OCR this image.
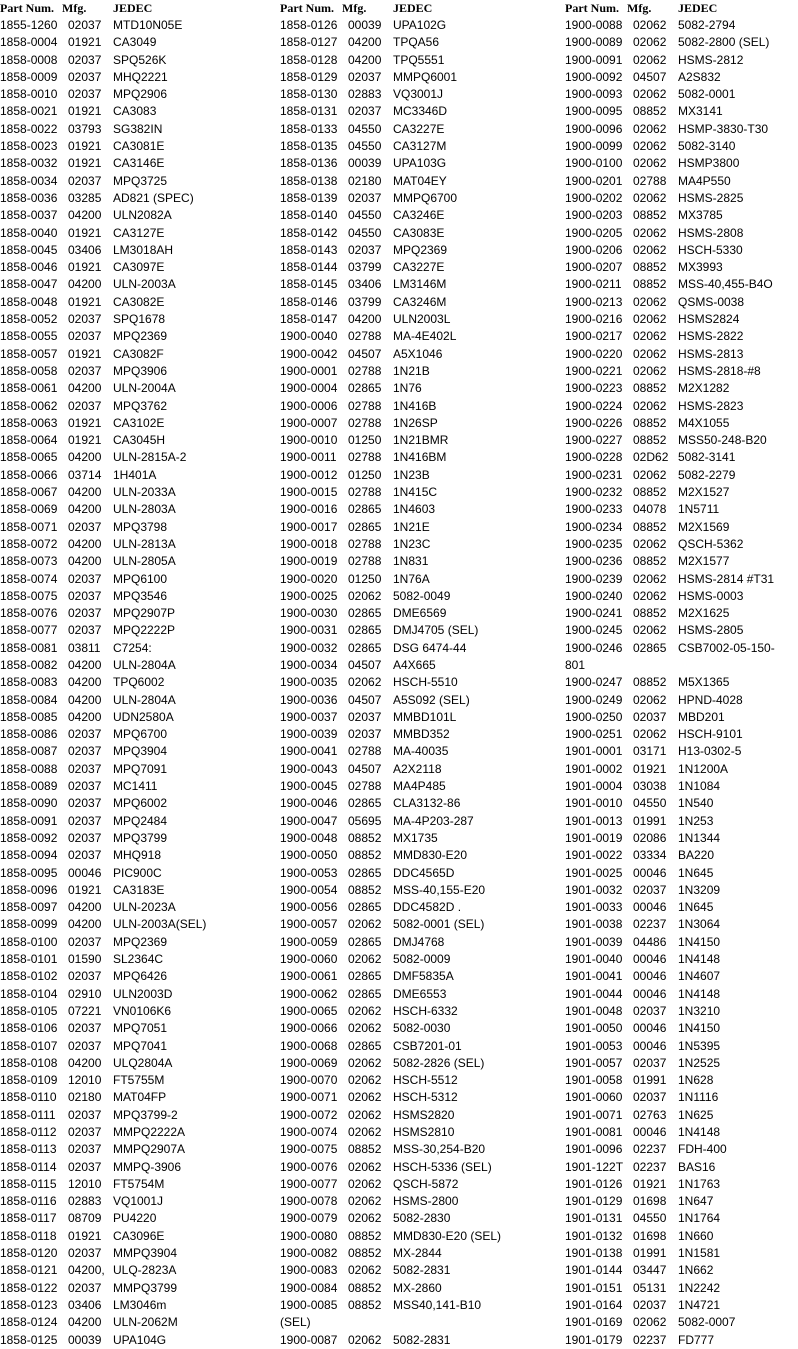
Part Num. Mfg. JEDEC
1855-1260 02037 MTD10N05E
1858-0004 01921 CA3049
1858-0008 02037 SPQ526K
1858-0009 02037 MHQ2221
1858-0010 02037 MPQ2906
1858-0021 01921 CA3083
1858-0022 03793 SG382IN
1858-0023 01921 CA3081E
1858-0032 01921 CA3146E
1858-0034 02037 MPQ3725
1858-0036 03285 AD821 (SPEC)
1858-0037 04200 ULN2082A
1858-0040 01921 CA3127E
1858-0045 03406 LM3018AH
1858-0046 01921 CA3097E
1858-0047 04200 ULN-2003A
1858-0048 01921 CA3082E
1858-0052 02037 SPQ1678
1858-0055 02037 MPQ2369
1858-0057 01921 CA3082F
1858-0058 02037 MPQ3906
1858-0061 04200 ULN-2004A
1858-0062 02037 MPQ3762
1858-0063 01921 CA3102E
1858-0064 01921 CA3045H
1858-0065 04200 ULN-2815A-2
1858-0066 03714 1H401A
1858-0067 04200 ULN-2033A
1858-0069 04200 ULN-2803A
1858-0071 02037 MPQ3798
1858-0072 04200 ULN-2813A
1858-0073 04200 ULN-2805A
1858-0074 02037 MPQ6100
1858-0075 02037 MPQ3546
1858-0076 02037 MPQ2907P
1858-0077 02037 MPQ2222P
1858-0081 03811 C7254:
1858-0082 04200 ULN-2804A
1858-0083 04200 TPQ6002
1858-0084 04200 ULN-2804A
1858-0085 04200 UDN2580A
1858-0086 02037 MPQ6700
1858-0087 02037 MPQ3904
1858-0088 02037 MPQ7091
1858-0089 02037 MC1411
1858-0090 02037 MPQ6002
1858-0091 02037 MPQ2484
1858-0092 02037 MPQ3799
1858-0094 02037 MHQ918
1858-0095 00046 PIC900C
1858-0096 01921 CA3183E
1858-0097 04200 ULN-2023A
1858-0099 04200 ULN-2003A(SEL)
1858-0100 02037 MPQ2369
1858-0101 01590 SL2364C
1858-0102 02037 MPQ6426
1858-0104 02910 ULN2003D
1858-0105 07221 VN0106K6
1858-0106 02037 MPQ7051
1858-0107 02037 MPQ7041
1858-0108 04200 ULQ2804A
1858-0109 12010 FT5755M
1858-0110 02180 MAT04FP
1858-0111 02037 MPQ3799-2
1858-0112 02037 MMPQ2222A
1858-0113 02037 MMPQ2907A
1858-0114 02037 MMPQ-3906
1858-0115 12010 FT5754M
1858-0116 02883 VQ1001J
1858-0117 08709 PU4220
1858-0118 01921 CA3096E
1858-0120 02037 MMPQ3904
1858-0121 04200, ULQ-2823A
1858-0122 02037 MMPQ3799
1858-0123 03406 LM3046m
1858-0124 04200 ULN-2062M
1858-0125 00039 UPA104G
Part Num. Mfg. JEDEC
1858-0126 00039 UPA102G
1858-0127 04200 TPQA56
1858-0128 04200 TPQ5551
1858-0129 02037 MMPQ6001
1858-0130 02883 VQ3001J
1858-0131 02037 MC3346D
1858-0133 04550 CA3227E
1858-0135 04550 CA3127M
1858-0136 00039 UPA103G
1858-0138 02180 MAT04EY
1858-0139 02037 MMPQ6700
1858-0140 04550 CA3246E
1858-0142 04550 CA3083E
1858-0143 02037 MPQ2369
1858-0144 03799 CA3227E
1858-0145 03406 LM3146M
1858-0146 03799 CA3246M
1858-0147 04200 ULN2003L
1900-0040 02788 MA-4E402L
1900-0042 04507 A5X1046
1900-0001 02788 1N21B
1900-0004 02865 1N76
1900-0006 02788 1N416B
1900-0007 02788 1N26SP
1900-0010 01250 1N21BMR
1900-0011 02788 1N416BM
1900-0012 01250 1N23B
1900-0015 02788 1N415C
1900-0016 02865 1N4603
1900-0017 02865 1N21E
1900-0018 02788 1N23C
1900-0019 02788 1N831
1900-0020 01250 1N76A
1900-0025 02062 5082-0049
1900-0030 02865 DME6569
1900-0031 02865 DMJ4705 (SEL)
1900-0032 02865 DSG 6474-44
1900-0034 04507 A4X665
1900-0035 02062 HSCH-5510
1900-0036 04507 A5S092 (SEL)
1900-0037 02037 MMBD101L
1900-0039 02037 MMBD352
1900-0041 02788 MA-40035
1900-0043 04507 A2X2118
1900-0045 02788 MA4P485
1900-0046 02865 CLA3132-86
1900-0047 05695 MA-4P203-287
1900-0048 08852 MX1735
1900-0050 08852 MMD830-E20
1900-0053 02865 DDC4565D
1900-0054 08852 MSS-40,155-E20
1900-0056 02865 DDC4582D .
1900-0057 02062 5082-0001 (SEL)
1900-0059 02865 DMJ4768
1900-0060 02062 5082-0009
1900-0061 02865 DMF5835A
1900-0062 02865 DME6553
1900-0065 02062 HSCH-6332
1900-0066 02062 5082-0030
1900-0068 02865 CSB7201-01
1900-0069 02062 5082-2826 (SEL)
1900-0070 02062 HSCH-5512
1900-0071 02062 HSCH-5312
1900-0072 02062 HSMS2820
1900-0074 02062 HSMS2810
1900-0075 08852 MSS-30,254-B20
1900-0076 02062 HSCH-5336 (SEL)
1900-0077 02062 QSCH-5872
1900-0078 02062 HSMS-2800
1900-0079 02062 5082-2830
1900-0080 08852 MMD830-E20 (SEL)
1900-0082 08852 MX-2844
1900-0083 02062 5082-2831
1900-0084 08852 MX-2860
1900-0085 08852 MSS40,141-B10
(SEL)
1900-0087 02062 5082-2831
Part Num. Mfg. JEDEC
1900-0088 02062 5082-2794
1900-0089 02062 5082-2800 (SEL)
1900-0091 02062 HSMS-2812
1900-0092 04507 A2S832
1900-0093 02062 5082-0001
1900-0095 08852 MX3141
1900-0096 02062 HSMP-3830-T30
1900-0099 02062 5082-3140
1900-0100 02062 HSMP3800
1900-0201 02788 MA4P550
1900-0202 02062 HSMS-2825
1900-0203 08852 MX3785
1900-0205 02062 HSMS-2808
1900-0206 02062 HSCH-5330
1900-0207 08852 MX3993
1900-0211 08852 MSS-40,455-B4O
1900-0213 02062 QSMS-0038
1900-0216 02062 HSMS2824
1900-0217 02062 HSMS-2822
1900-0220 02062 HSMS-2813
1900-0221 02062 HSMS-2818-#8
1900-0223 08852 M2X1282
1900-0224 02062 HSMS-2823
1900-0226 08852 M4X1055
1900-0227 08852 MSS50-248-B20
1900-0228 02D62 5082-3141
1900-0231 02062 5082-2279
1900-0232 08852 M2X1527
1900-0233 04078 1N5711
1900-0234 08852 M2X1569
1900-0235 02062 QSCH-5362
1900-0236 08852 M2X1577
1900-0239 02062 HSMS-2814 #T31
1900-0240 02062 HSMS-0003
1900-0241 08852 M2X1625
1900-0245 02062 HSMS-2805
1900-0246 02865 CSB7002-05-150-
801
1900-0247 08852 M5X1365
1900-0249 02062 HPND-4028
1900-0250 02037 MBD201
1900-0251 02062 HSCH-9101
1901-0001 03171 H13-0302-5
1901-0002 01921 1N1200A
1901-0004 03038 1N1084
1901-0010 04550 1N540
1901-0013 01991 1N253
1901-0019 02086 1N1344
1901-0022 03334 BA220
1901-0025 00046 1N645
1901-0032 02037 1N3209
1901-0033 00046 1N645
1901-0038 02237 1N3064
1901-0039 04486 1N4150
1901-0040 00046 1N4148
1901-0041 00046 1N4607
1901-0044 00046 1N4148
1901-0048 02037 1N3210
1901-0050 00046 1N4150
1901-0053 00046 1N5395
1901-0057 02037 1N2525
1901-0058 01991 1N628
1901-0060 02037 1N1116
1901-0071 02763 1N625
1901-0081 00046 1N4148
1901-0096 02237 FDH-400
1901-122T 02237 BAS16
1901-0126 01921 1N1763
1901-0129 01698 1N647
1901-0131 04550 1N1764
1901-0132 01698 1N660
1901-0138 01991 1N1581
1901-0144 03447 1N662
1901-0151 05131 1N2242
1901-0164 02037 1N4721
1901-0169 02062 5082-0007
1901-0179 02237 FD777
